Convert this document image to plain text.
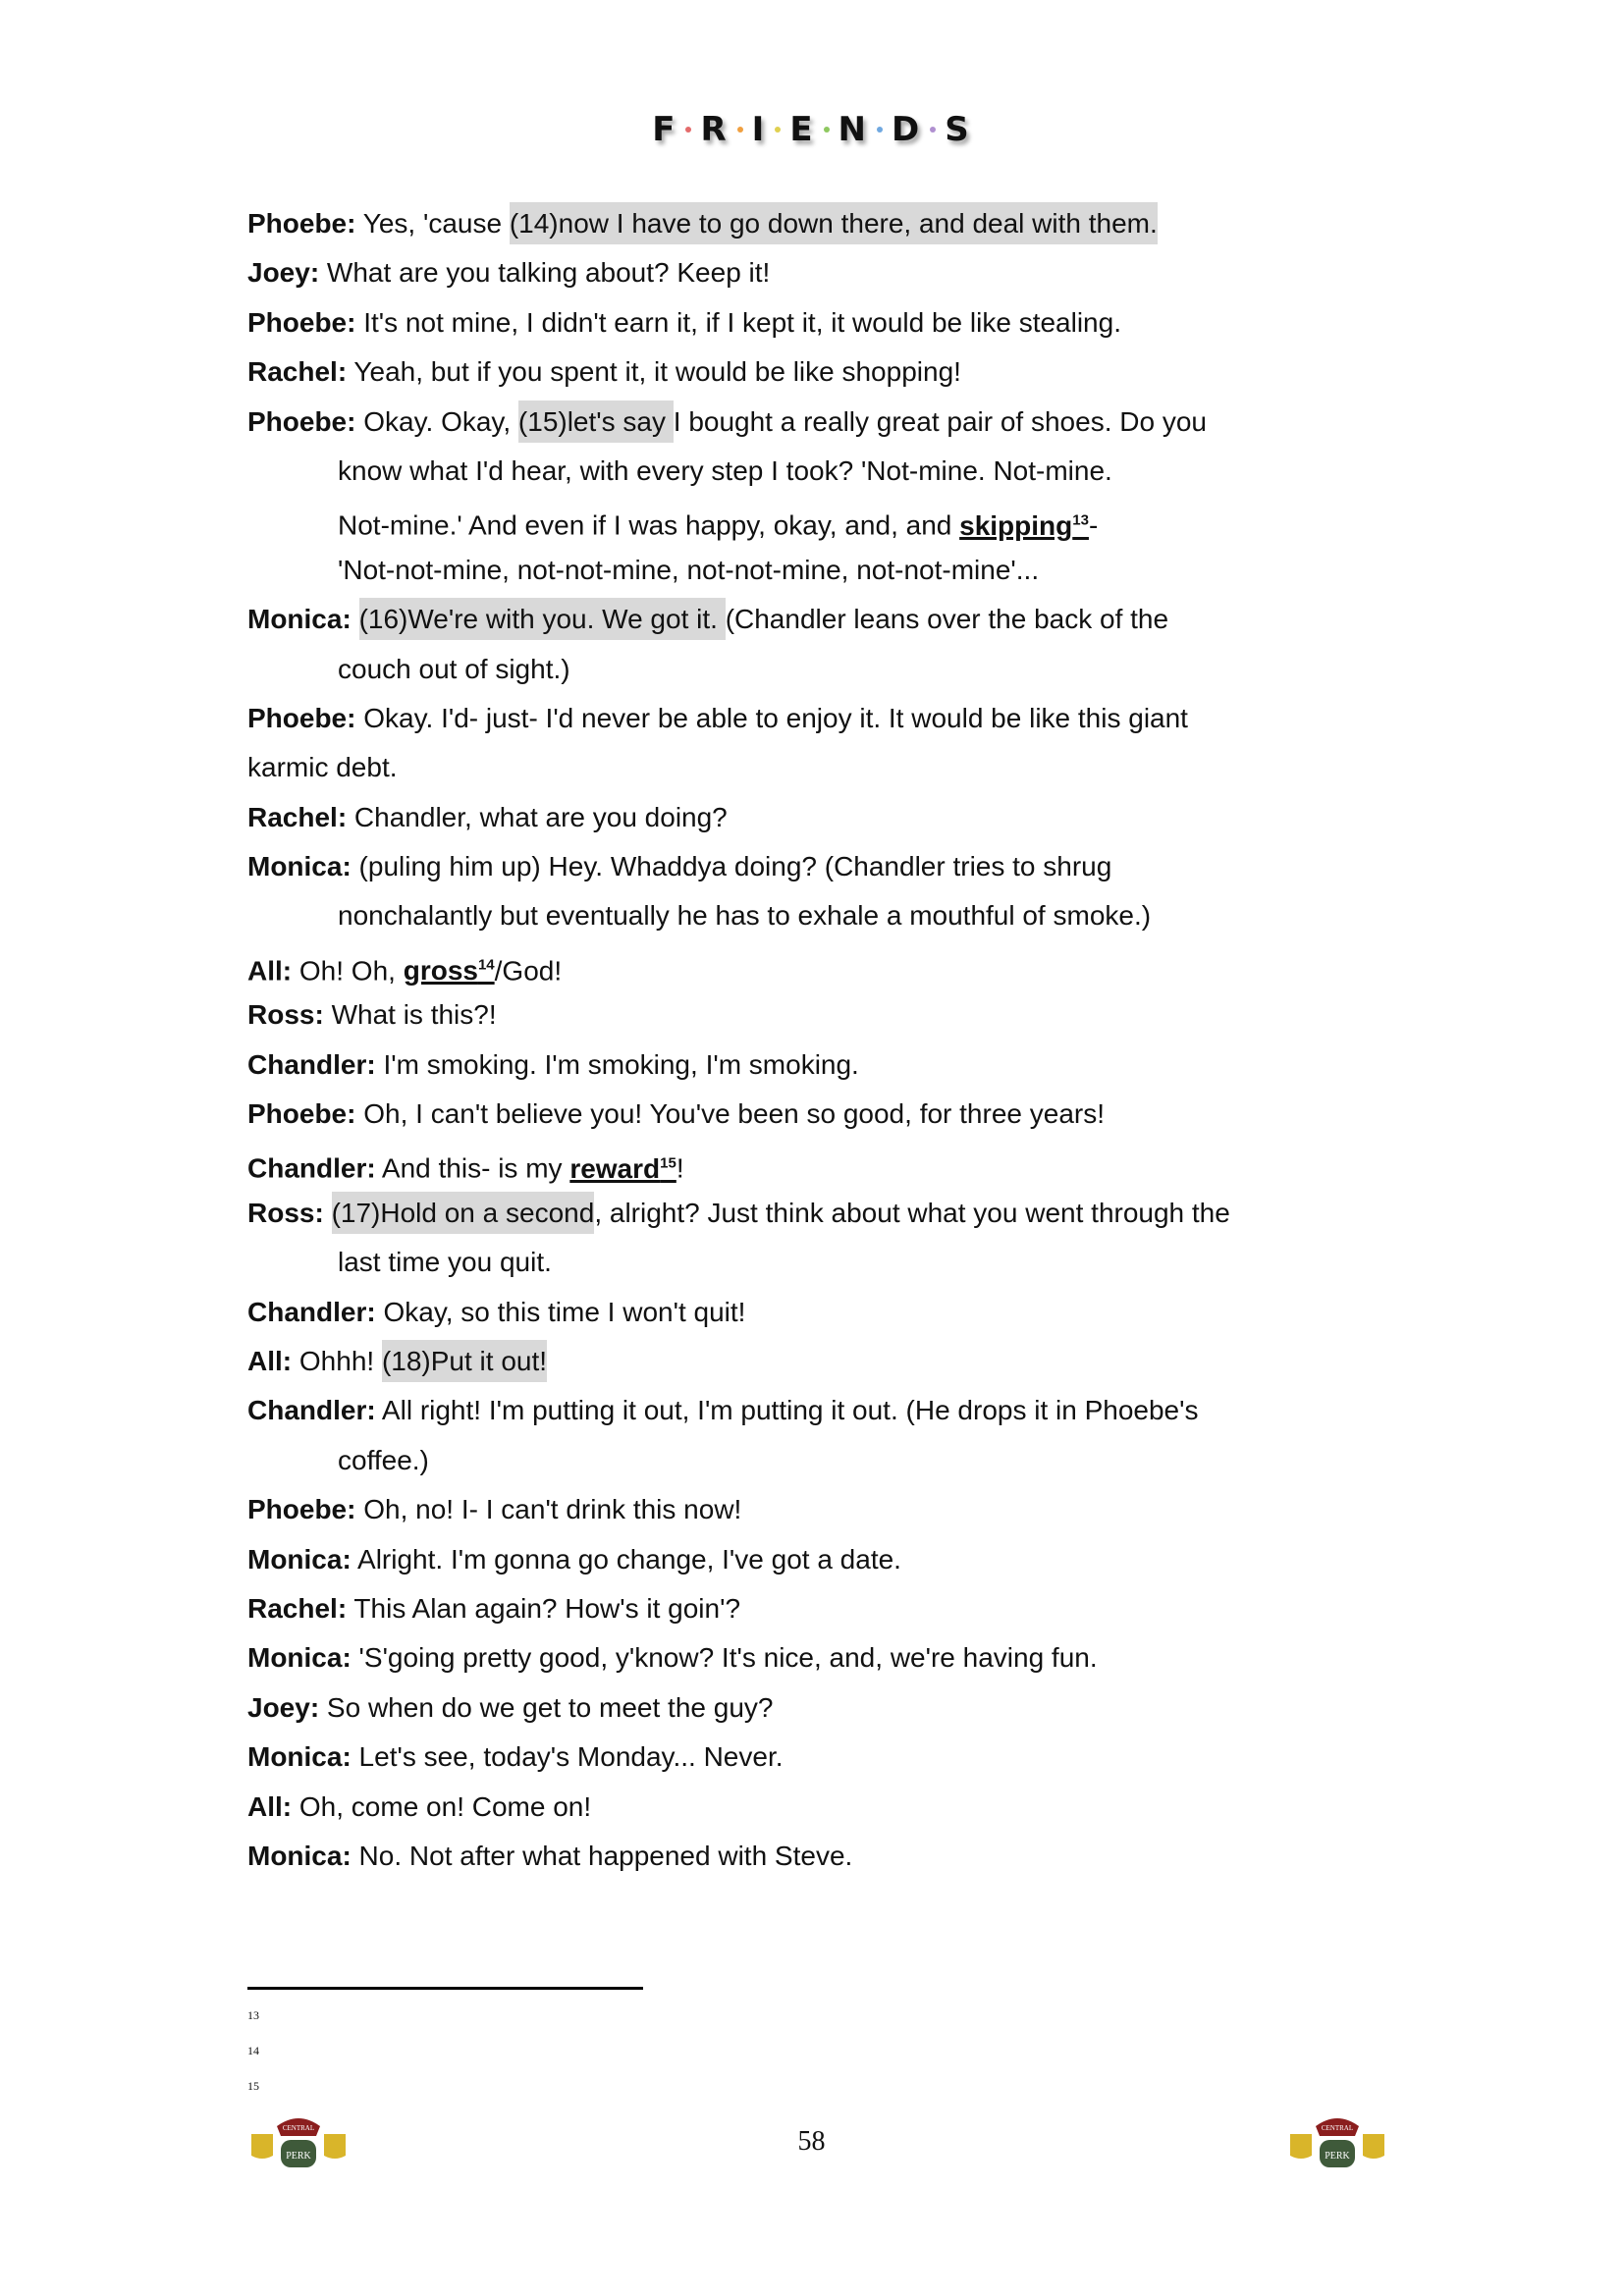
F R I E N D S
Phoebe: Yes, 'cause (14)now I have to go down there, and deal with them.
Joey: What are you talking about? Keep it!
Phoebe: It's not mine, I didn't earn it, if I kept it, it would be like stealing.
Rachel: Yeah, but if you spent it, it would be like shopping!
Phoebe: Okay. Okay, (15)let's say I bought a really great pair of shoes. Do you
know what I'd hear, with every step I took? 'Not-mine. Not-mine.
Not-mine.' And even if I was happy, okay, and, and skipping$^{13}$-
'Not-not-mine, not-not-mine, not-not-mine, not-not-mine'...
Monica: (16)We're with you. We got it. (Chandler leans over the back of the
couch out of sight.)
Phoebe: Okay. I'd- just- I'd never be able to enjoy it. It would be like this giant
karmic debt.
Rachel: Chandler, what are you doing?
Monica: (puling him up) Hey. Whaddya doing? (Chandler tries to shrug
nonchalantly but eventually he has to exhale a mouthful of smoke.)
All: Oh! Oh, gross$^{14}$/God!
Ross: What is this?!
Chandler: I'm smoking. I'm smoking, I'm smoking.
Phoebe: Oh, I can't believe you! You've been so good, for three years!
Chandler: And this- is my reward$^{15}$!
Ross: (17)Hold on a second, alright? Just think about what you went through the
last time you quit.
Chandler: Okay, so this time I won't quit!
All: Ohhh! (18)Put it out!
Chandler: All right! I'm putting it out, I'm putting it out. (He drops it in Phoebe's
coffee.)
Phoebe: Oh, no! I- I can't drink this now!
Monica: Alright. I'm gonna go change, I've got a date.
Rachel: This Alan again? How's it goin'?
Monica: 'S'going pretty good, y'know? It's nice, and, we're having fun.
Joey: So when do we get to meet the guy?
Monica: Let's see, today's Monday... Never.
All: Oh, come on! Come on!
Monica: No. Not after what happened with Steve.
13
14
15
58
PERK
CENTRAL
PERK
CENTRAL
